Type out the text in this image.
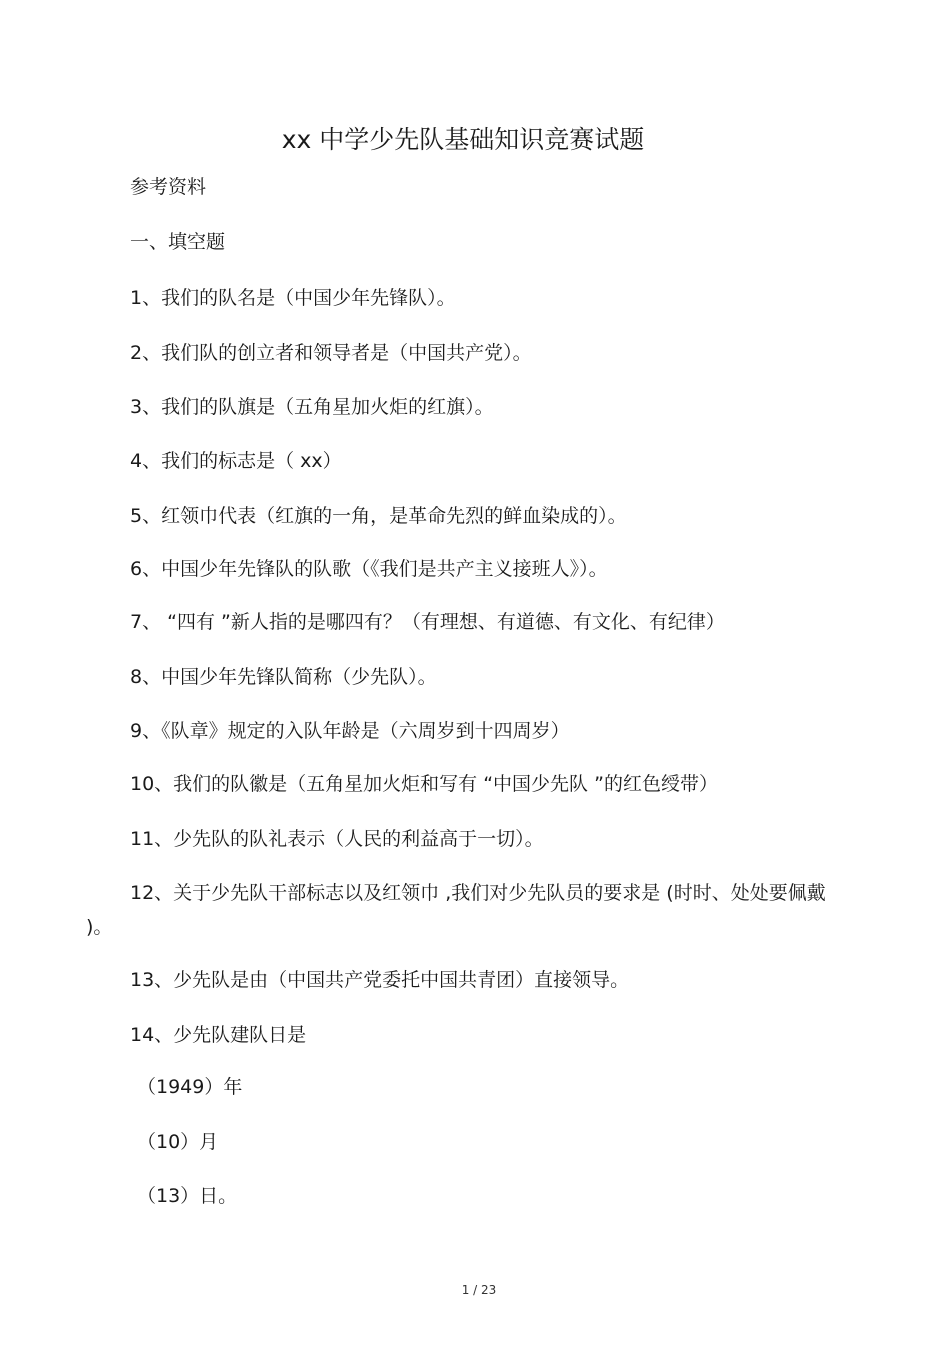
xx 中学少先队基础知识竞赛试题
参考资料
一、填空题
1、我们的队名是（中国少年先锋队）。
2、我们队的创立者和领导者是（中国共产党）。
3、我们的队旗是（五角星加火炬的红旗）。
4、我们的标志是（ xx）
5、红领巾代表（红旗的一角，是革命先烈的鲜血染成的）。
6、中国少年先锋队的队歌（《我们是共产主义接班人》）。
7、 “四有 ”新人指的是哪四有？（有理想、有道德、有文化、有纪律）
8、中国少年先锋队简称（少先队）。
9、《队章》规定的入队年龄是（六周岁到十四周岁）
10、我们的队徽是（五角星加火炬和写有 “中国少先队 ”的红色绶带）
11、少先队的队礼表示（人民的利益高于一切）。
12、关于少先队干部标志以及红领巾 ,我们对少先队员的要求是 (时时、处处要佩戴 )。
13、少先队是由（中国共产党委托中国共青团）直接领导。
14、少先队建队日是
（1949）年
（10）月
（13）日。
1 / 23
